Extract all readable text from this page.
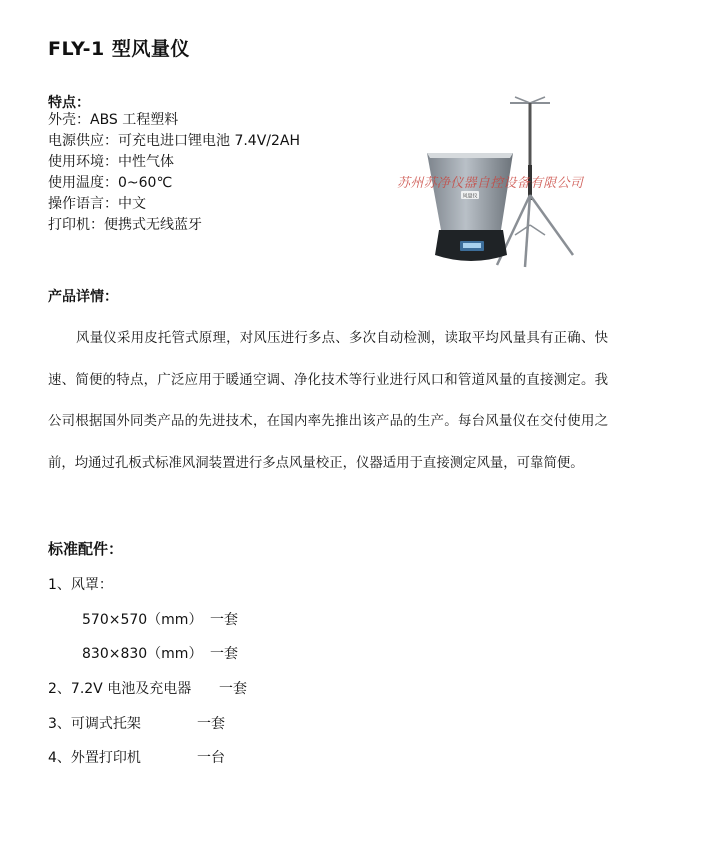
FLY-1 型风量仪
特点：
外壳：ABS 工程塑料
电源供应：可充电进口锂电池 7.4V/2AH
使用环境：中性气体
使用温度：0~60℃
操作语言：中文
打印机：便携式无线蓝牙
风量仪
苏州苏净仪器自控设备有限公司
产品详情：
风量仪采用皮托管式原理，对风压进行多点、多次自动检测，读取平均风量具有正确、快速、简便的特点，广泛应用于暖通空调、净化技术等行业进行风口和管道风量的直接测定。我公司根据国外同类产品的先进技术，在国内率先推出该产品的生产。每台风量仪在交付使用之前，均通过孔板式标准风洞装置进行多点风量校正，仪器适用于直接测定风量，可靠简便。
标准配件：
1、风罩：
570×570（mm） 一套
830×830（mm） 一套
2、7.2V 电池及充电器 一套
3、可调式托架	一套
4、外置打印机	一台
